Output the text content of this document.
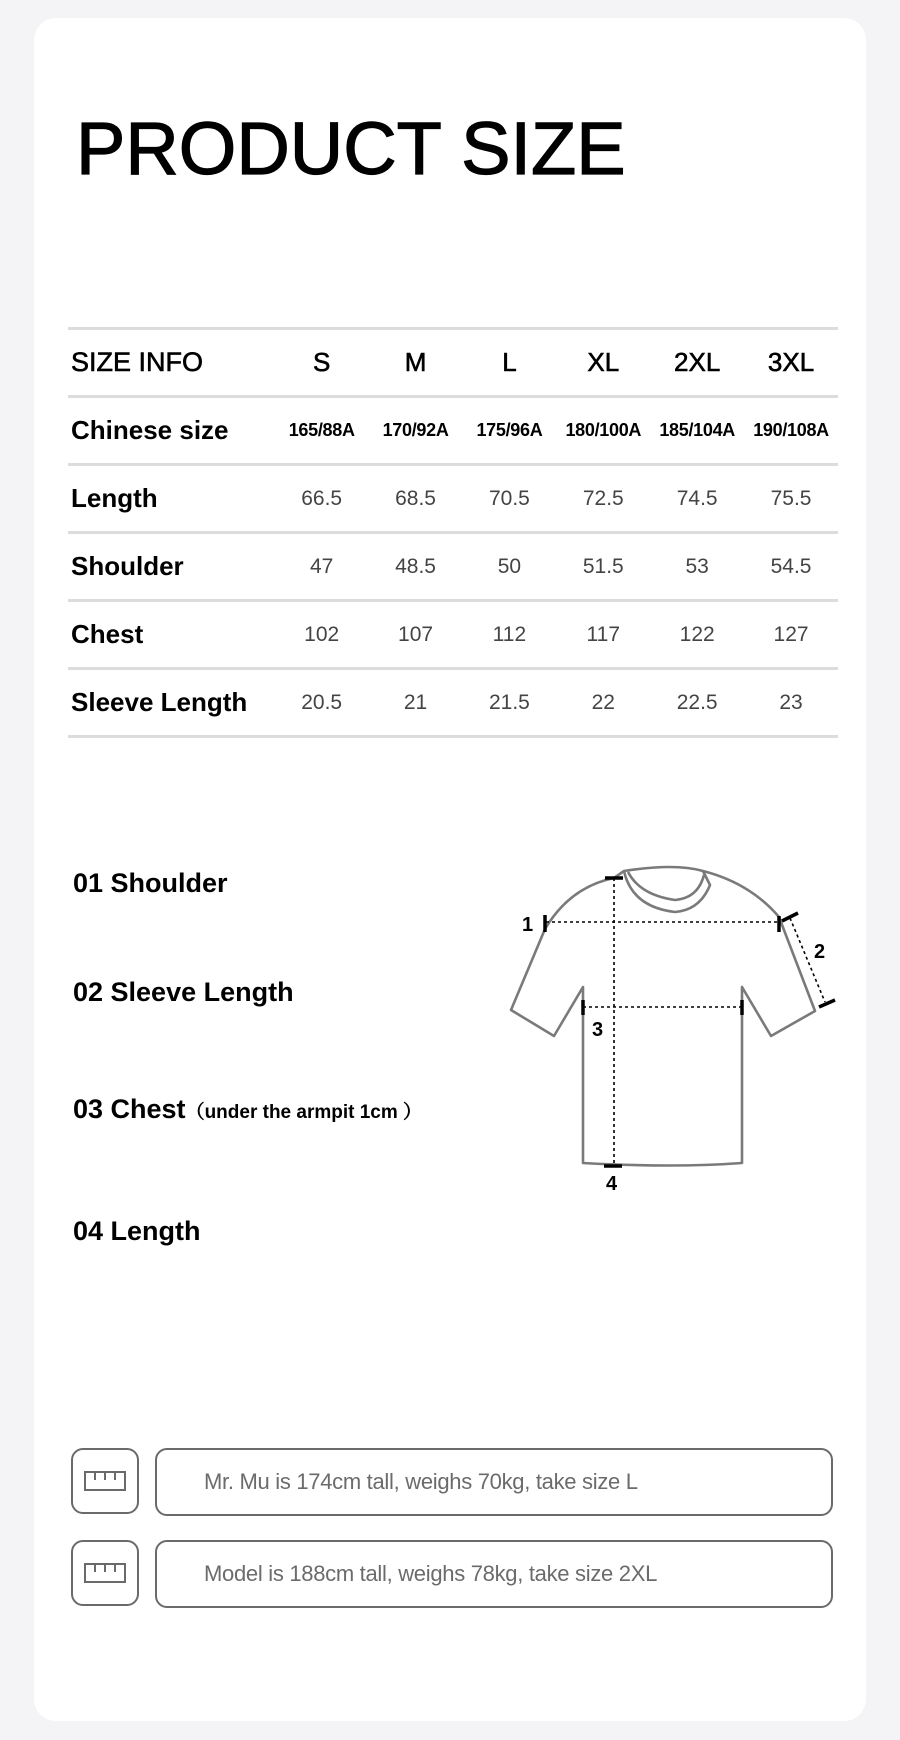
PRODUCT SIZE
SIZE INFO	S	M	L	XL	2XL	3XL
Chinese size	165/88A	170/92A	175/96A	180/100A	185/104A	190/108A
Length	66.5	68.5	70.5	72.5	74.5	75.5
Shoulder	47	48.5	50	51.5	53	54.5
Chest	102	107	112	117	122	127
Sleeve Length	20.5	21	21.5	22	22.5	23
01 Shoulder
02 Sleeve Length
03 Chest（under the armpit 1cm ）
04 Length
1
2
3
4
Mr. Mu is 174cm tall, weighs 70kg, take size L
Model is 188cm tall, weighs 78kg, take size 2XL
